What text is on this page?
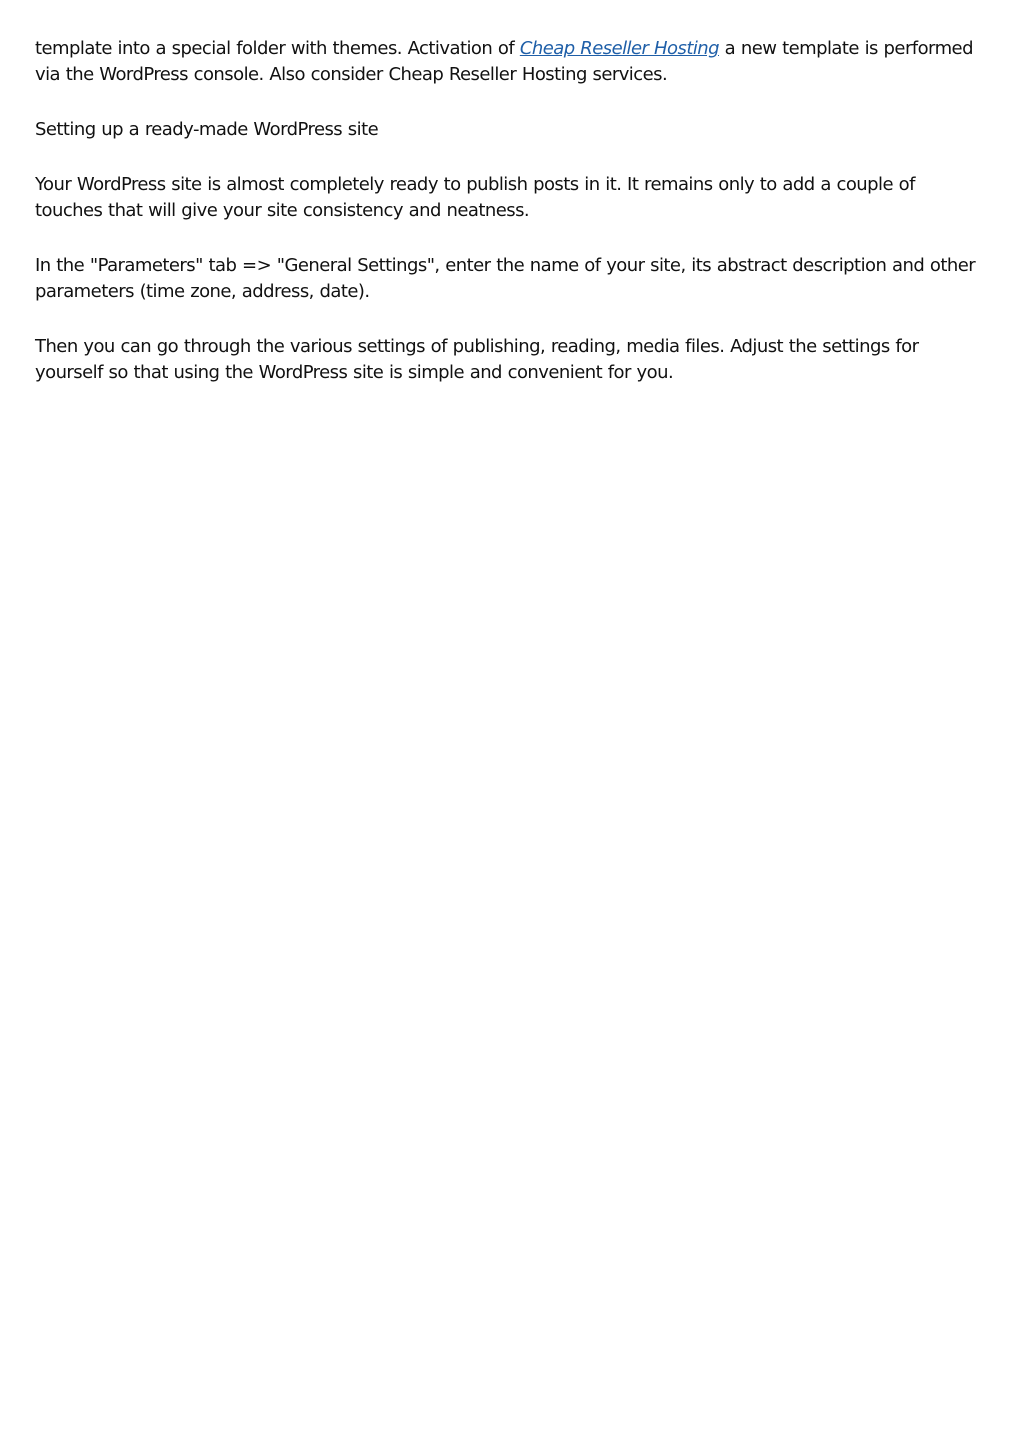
template into a special folder with themes. Activation of Cheap Reseller Hosting a new template is performed via the WordPress console. Also consider Cheap Reseller Hosting services.

Setting up a ready-made WordPress site

Your WordPress site is almost completely ready to publish posts in it. It remains only to add a couple of touches that will give your site consistency and neatness.

In the "Parameters" tab => "General Settings", enter the name of your site, its abstract description and other parameters (time zone, address, date).

Then you can go through the various settings of publishing, reading, media files. Adjust the settings for yourself so that using the WordPress site is simple and convenient for you.
